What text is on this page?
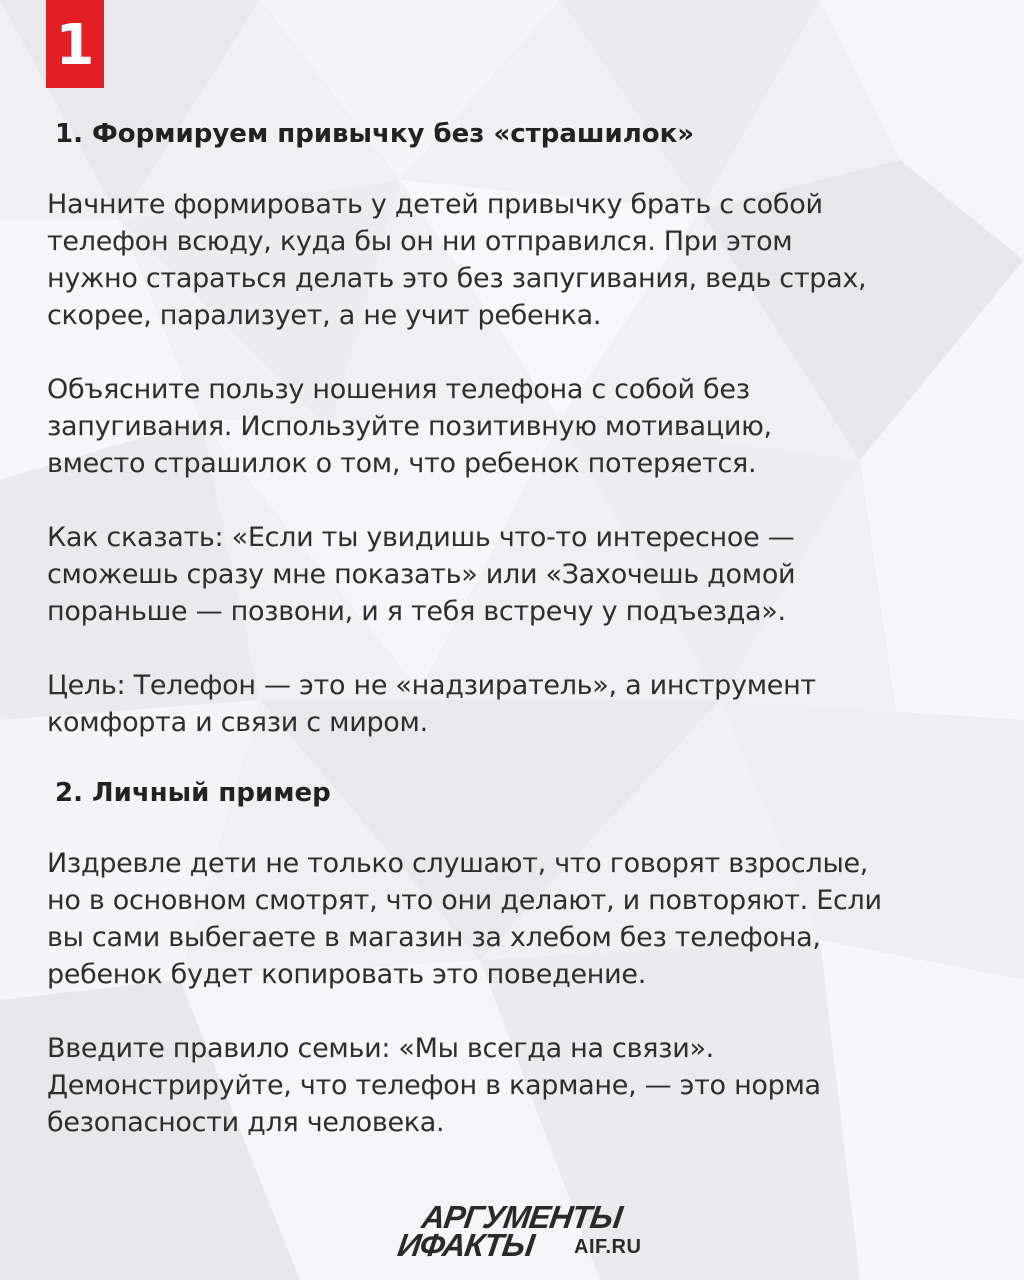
1
1. Формируем привычку без «страшилок»

Начните формировать у детей привычку брать с собой
телефон всюду, куда бы он ни отправился. При этом
нужно стараться делать это без запугивания, ведь страх,
скорее, парализует, а не учит ребенка.

Объясните пользу ношения телефона с собой без
запугивания. Используйте позитивную мотивацию,
вместо страшилок о том, что ребенок потеряется.

Как сказать: «Если ты увидишь что-то интересное —
сможешь сразу мне показать» или «Захочешь домой
пораньше — позвони, и я тебя встречу у подъезда».

Цель: Телефон — это не «надзиратель», а инструмент
комфорта и связи с миром.

2. Личный пример

Издревле дети не только слушают, что говорят взрослые,
но в основном смотрят, что они делают, и повторяют. Если
вы сами выбегаете в магазин за хлебом без телефона,
ребенок будет копировать это поведение.

Введите правило семьи: «Мы всегда на связи».
Демонстрируйте, что телефон в кармане, — это норма
безопасности для человека.

АРГУМЕНТЫ
ИФАКТЫ AIF.RU
